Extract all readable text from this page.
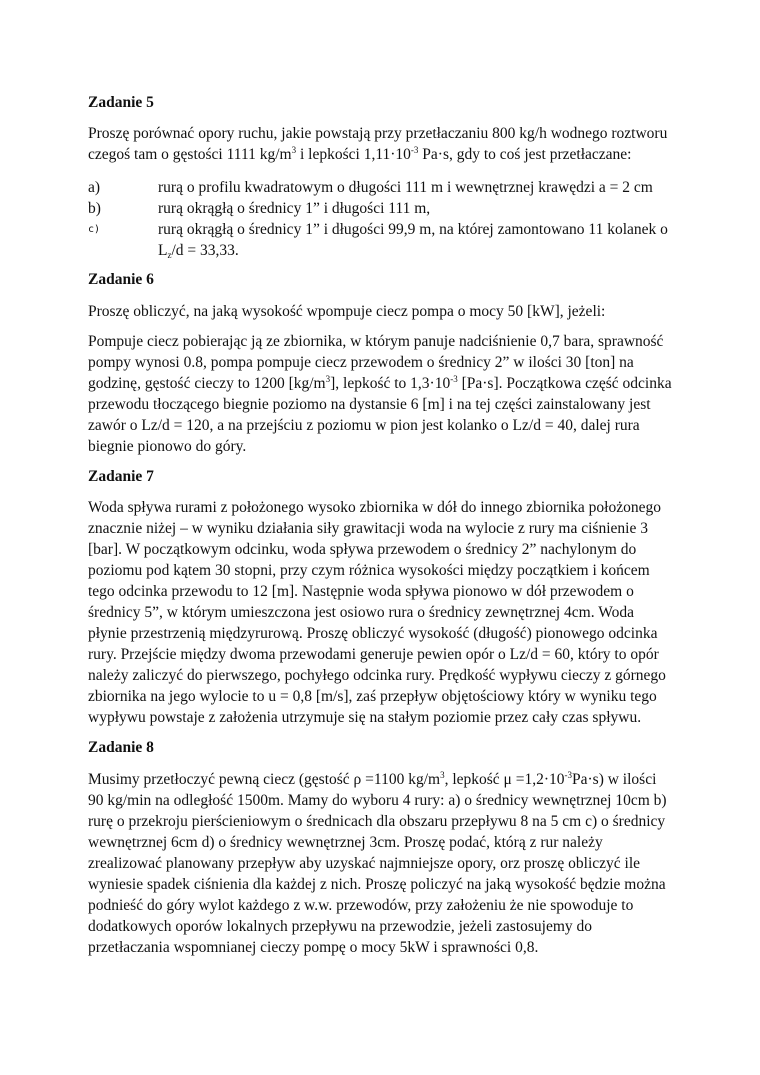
Zadanie 5

Proszę porównać opory ruchu, jakie powstają przy przetłaczaniu 800 kg/h wodnego roztworu czegoś tam o gęstości 1111 $kg/m^3$ i lepkości $1,11\cdot 10^{-3}$ Pa·s, gdy to coś jest przetłaczane:

a)	rurą o profilu kwadratowym o długości 111 m i wewnętrznej krawędzi a = 2 cm
b)	rurą okrągłą o średnicy 1” i długości 111 m,
c)	rurą okrągłą o średnicy 1” i długości 99,9 m, na której zamontowano 11 kolanek o $L_z/d = 33,33$.
Zadanie 6

Proszę obliczyć, na jaką wysokość wpompuje ciecz pompa o mocy 50 [kW], jeżeli:

Pompuje ciecz pobierając ją ze zbiornika, w którym panuje nadciśnienie 0,7 bara, sprawność pompy wynosi 0.8, pompa pompuje ciecz przewodem o średnicy 2” w ilości 30 [ton] na godzinę, gęstość cieczy to 1200 $[kg/m^3]$, lepkość to $1,3\cdot 10^{-3}$ [Pa·s]. Początkowa część odcinka przewodu tłoczącego biegnie poziomo na dystansie 6 [m] i na tej części zainstalowany jest zawór o Lz/d = 120, a na przejściu z poziomu w pion jest kolanko o Lz/d = 40, dalej rura biegnie pionowo do góry.

Zadanie 7

Woda spływa rurami z położonego wysoko zbiornika w dół do innego zbiornika położonego znacznie niżej – w wyniku działania siły grawitacji woda na wylocie z rury ma ciśnienie 3 [bar]. W początkowym odcinku, woda spływa przewodem o średnicy 2” nachylonym do poziomu pod kątem 30 stopni, przy czym różnica wysokości między początkiem i końcem tego odcinka przewodu to 12 [m]. Następnie woda spływa pionowo w dół przewodem o średnicy 5”, w którym umieszczona jest osiowo rura o średnicy zewnętrznej 4cm. Woda płynie przestrzenią międzyrurową. Proszę obliczyć wysokość (długość) pionowego odcinka rury. Przejście między dwoma przewodami generuje pewien opór o Lz/d = 60, który to opór należy zaliczyć do pierwszego, pochyłego odcinka rury. Prędkość wypływu cieczy z górnego zbiornika na jego wylocie to u = 0,8 [m/s], zaś przepływ objętościowy który w wyniku tego wypływu powstaje z założenia utrzymuje się na stałym poziomie przez cały czas spływu.

Zadanie 8

Musimy przetłoczyć pewną ciecz (gęstość ρ =1100 $kg/m^3$, lepkość $\mu =1,2\cdot 10^{-3}Pa\cdot s$) w ilości 90 kg/min na odległość 1500m. Mamy do wyboru 4 rury: a) o średnicy wewnętrznej 10cm b) rurę o przekroju pierścieniowym o średnicach dla obszaru przepływu 8 na 5 cm c) o średnicy wewnętrznej 6cm d) o średnicy wewnętrznej 3cm. Proszę podać, którą z rur należy zrealizować planowany przepływ aby uzyskać najmniejsze opory, orz proszę obliczyć ile wyniesie spadek ciśnienia dla każdej z nich. Proszę policzyć na jaką wysokość będzie można podnieść do góry wylot każdego z w.w. przewodów, przy założeniu że nie spowoduje to dodatkowych oporów lokalnych przepływu na przewodzie, jeżeli zastosujemy do przetłaczania wspomnianej cieczy pompę o mocy 5kW i sprawności 0,8.
